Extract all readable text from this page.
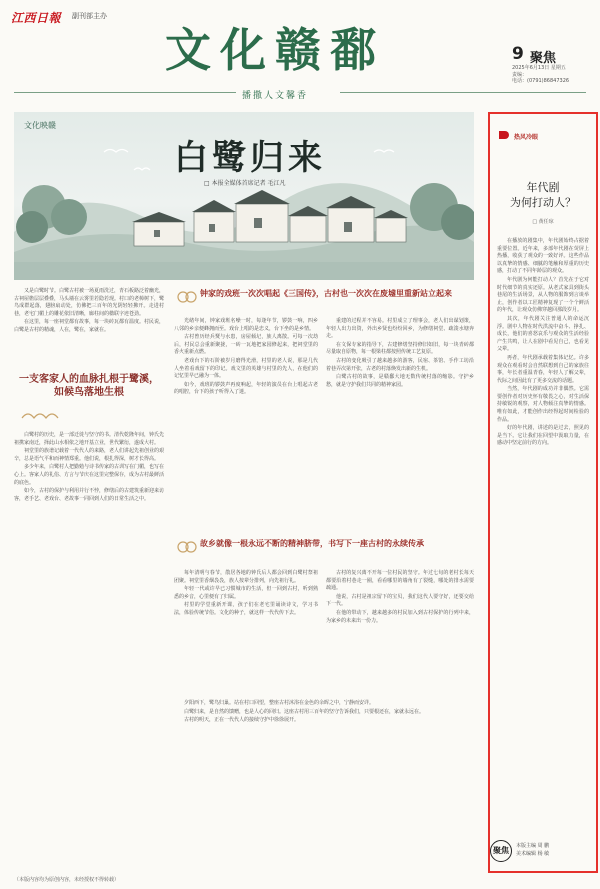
江西日報 副刊部主办
文化赣鄱	9 聚焦
2025年6月13日 星期五
责编：
电话：(0791)86847326
播撒人文馨香
文化映赣
白鹭归来
□ 本报全媒体首席记者 毛江凡

又是白鹭时节。白鹭古村被一场夏雨洗过，青石板路泛着幽光，古祠屋檐层层叠叠，马头墙在云雾里若隐若现。村口的老樟树下，鹭鸟成群起落，翅膀扇动处，仿佛把三百年的光阴轻轻拂开。走进村巷，老宅门楣上的雕花依旧清晰，廊柱间的楹联字迹苍劲。

在这里，每一座祠堂都有故事，每一块砖瓦都有温度。村民说，白鹭是古村的精魂，人在，鹭在，家就在。

一支客家人的血脉扎根于鹭溪，如候鸟落地生根

白鹭村的历史，是一部迁徙与坚守的书。清代乾隆年间，钟氏先祖携家南迁，择此山水相依之地开基立业，世代繁衍，遂成大村。

祠堂里的族谱记载着一代代人的来路，老人们讲起先祖创业的艰辛，总是语气平和而神情郑重。他们说，根扎得深，树才长得高。

多少年来，白鹭村人把勤勉与诗书传家的古训写在门楣，也写在心上。客家人的礼俗、方言与节庆在这里完整保存，成为古村最鲜活的底色。

如今，古村的保护与利用并行不悖，修缮后的古建筑重新迎来访客，老手艺、老戏台、老故事一同回到人们的日常生活之中。

钟家的戏班一次次唱起《三国传》，古村也一次次在废墟里重新站立起来

光绪年间，钟家戏班名噪一时，每逢年节，锣鼓一响，四乡八邻的乡亲便蜂拥而至。戏台上唱的是忠义，台下坐的是乡情。

古村曾历经兵燹与水患，房屋倾圮，族人离散。可每一次劫后，村民总会重新聚拢，一砖一瓦地把家园修起来，把祠堂里的香火重新点燃。

老戏台下的石阶被岁月磨得光滑，村里的老人说，那是几代人坐着看戏留下的印记。戏文里的英雄与村里的先人，在他们的记忆里早已融为一体。

如今，戏班的锣鼓声再度响起，年轻的演员在台上唱起古老的唱腔，台下的孩子听得入了迷。

重建的过程并不容易。村里成立了理事会，老人们出谋划策，年轻人出力出资，外出乡贤也纷纷回乡，为修缮祠堂、疏浚水塘奔走。

在文保专家的指导下，古建修缮坚持修旧如旧，每一块青砖都尽量取自原物，每一根梁柱都按照传统工艺复原。

古村的变化吸引了越来越多的游客，民宿、茶馆、手作工坊沿着巷弄次第开张，古老的村落焕发出新的生机。

白鹭古村的故事，是赣鄱大地无数传统村落的缩影。守护乡愁，就是守护我们共同的精神家园。

故乡就像一根永远不断的精神脐带，书写下一座古村的永续传承

每年清明与春节，散居各地的钟氏后人都会回到白鹭村祭祖团聚。祠堂里香烟袅袅，族人按辈分排列，向先祖行礼。

年轻一代或许早已习惯城市的生活，但一回到古村，听到熟悉的乡音，心里便有了归属。

村里的学堂重新开课，孩子们在老宅里诵读诗文，学习书法，体验传统节俗。文化的种子，就这样一代代传下去。

古村的复兴离不开每一位村民的坚守。年过七旬的老村长每天都要沿着村巷走一圈，看看哪里的墙角有了裂缝，哪处的排水需要疏通。

他说，古村是祖宗留下的宝贝，我们这代人要守好，还要交给下一代。

在他的带动下，越来越多的村民加入到古村保护的行列中来，为家乡的未来出一份力。

夕阳西下，鹭鸟归巢。站在村口回望，整座古村沐浴在金色的余晖之中，宁静而安详。

白鹭归来，是自然的馈赠，也是人心的回归。这座古村用三百年的坚守告诉我们，只要根还在，家就永远在。

古村的明天，正在一代代人的接续守护中徐徐展开。

热风冷眼
年代剧
为何打动人？
□ 黄任琼

在播放的剧集中，年代剧始终占据着重要位置。近年来，多部年代剧在荧屏上热播，收获了观众的一致好评。这些作品以真挚的情感、细腻的笔触和厚重的历史感，打动了不同年龄层的观众。

年代剧为何能打动人？首先在于它对时代细节的真实还原。从老式家具到街头巷尾的生活场景，从人物的服饰到言谈举止，创作者以工匠精神复现了一个个鲜活的年代，让观众仿佛穿越回那段岁月。

其次，年代剧关注普通人的命运沉浮。剧中人物在时代洪流中奋斗、挣扎、成长，他们的喜怒哀乐与观众的生活经验产生共鸣，让人在剧中看见自己，也看见父辈。

再者，年代剧承载着集体记忆。许多观众在观看时会自然联想到自己的家族往事，年长者重温青春，年轻人了解父辈，代际之间因此有了更多交流的话题。

当然，年代剧的成功并非偶然。它需要创作者对历史怀有敬畏之心，对生活保持敏锐的观察，对人物倾注真挚的情感。唯有如此，才能创作出经得起时间检验的作品。

好的年代剧，讲述的是过去，照见的是当下。它让我们在回望中汲取力量，在感动中坚定前行的方向。

聚焦	本版主编 周 鹏
美术编辑 杨 敏
（本版内容均为原创内容，未经授权不得转载）
